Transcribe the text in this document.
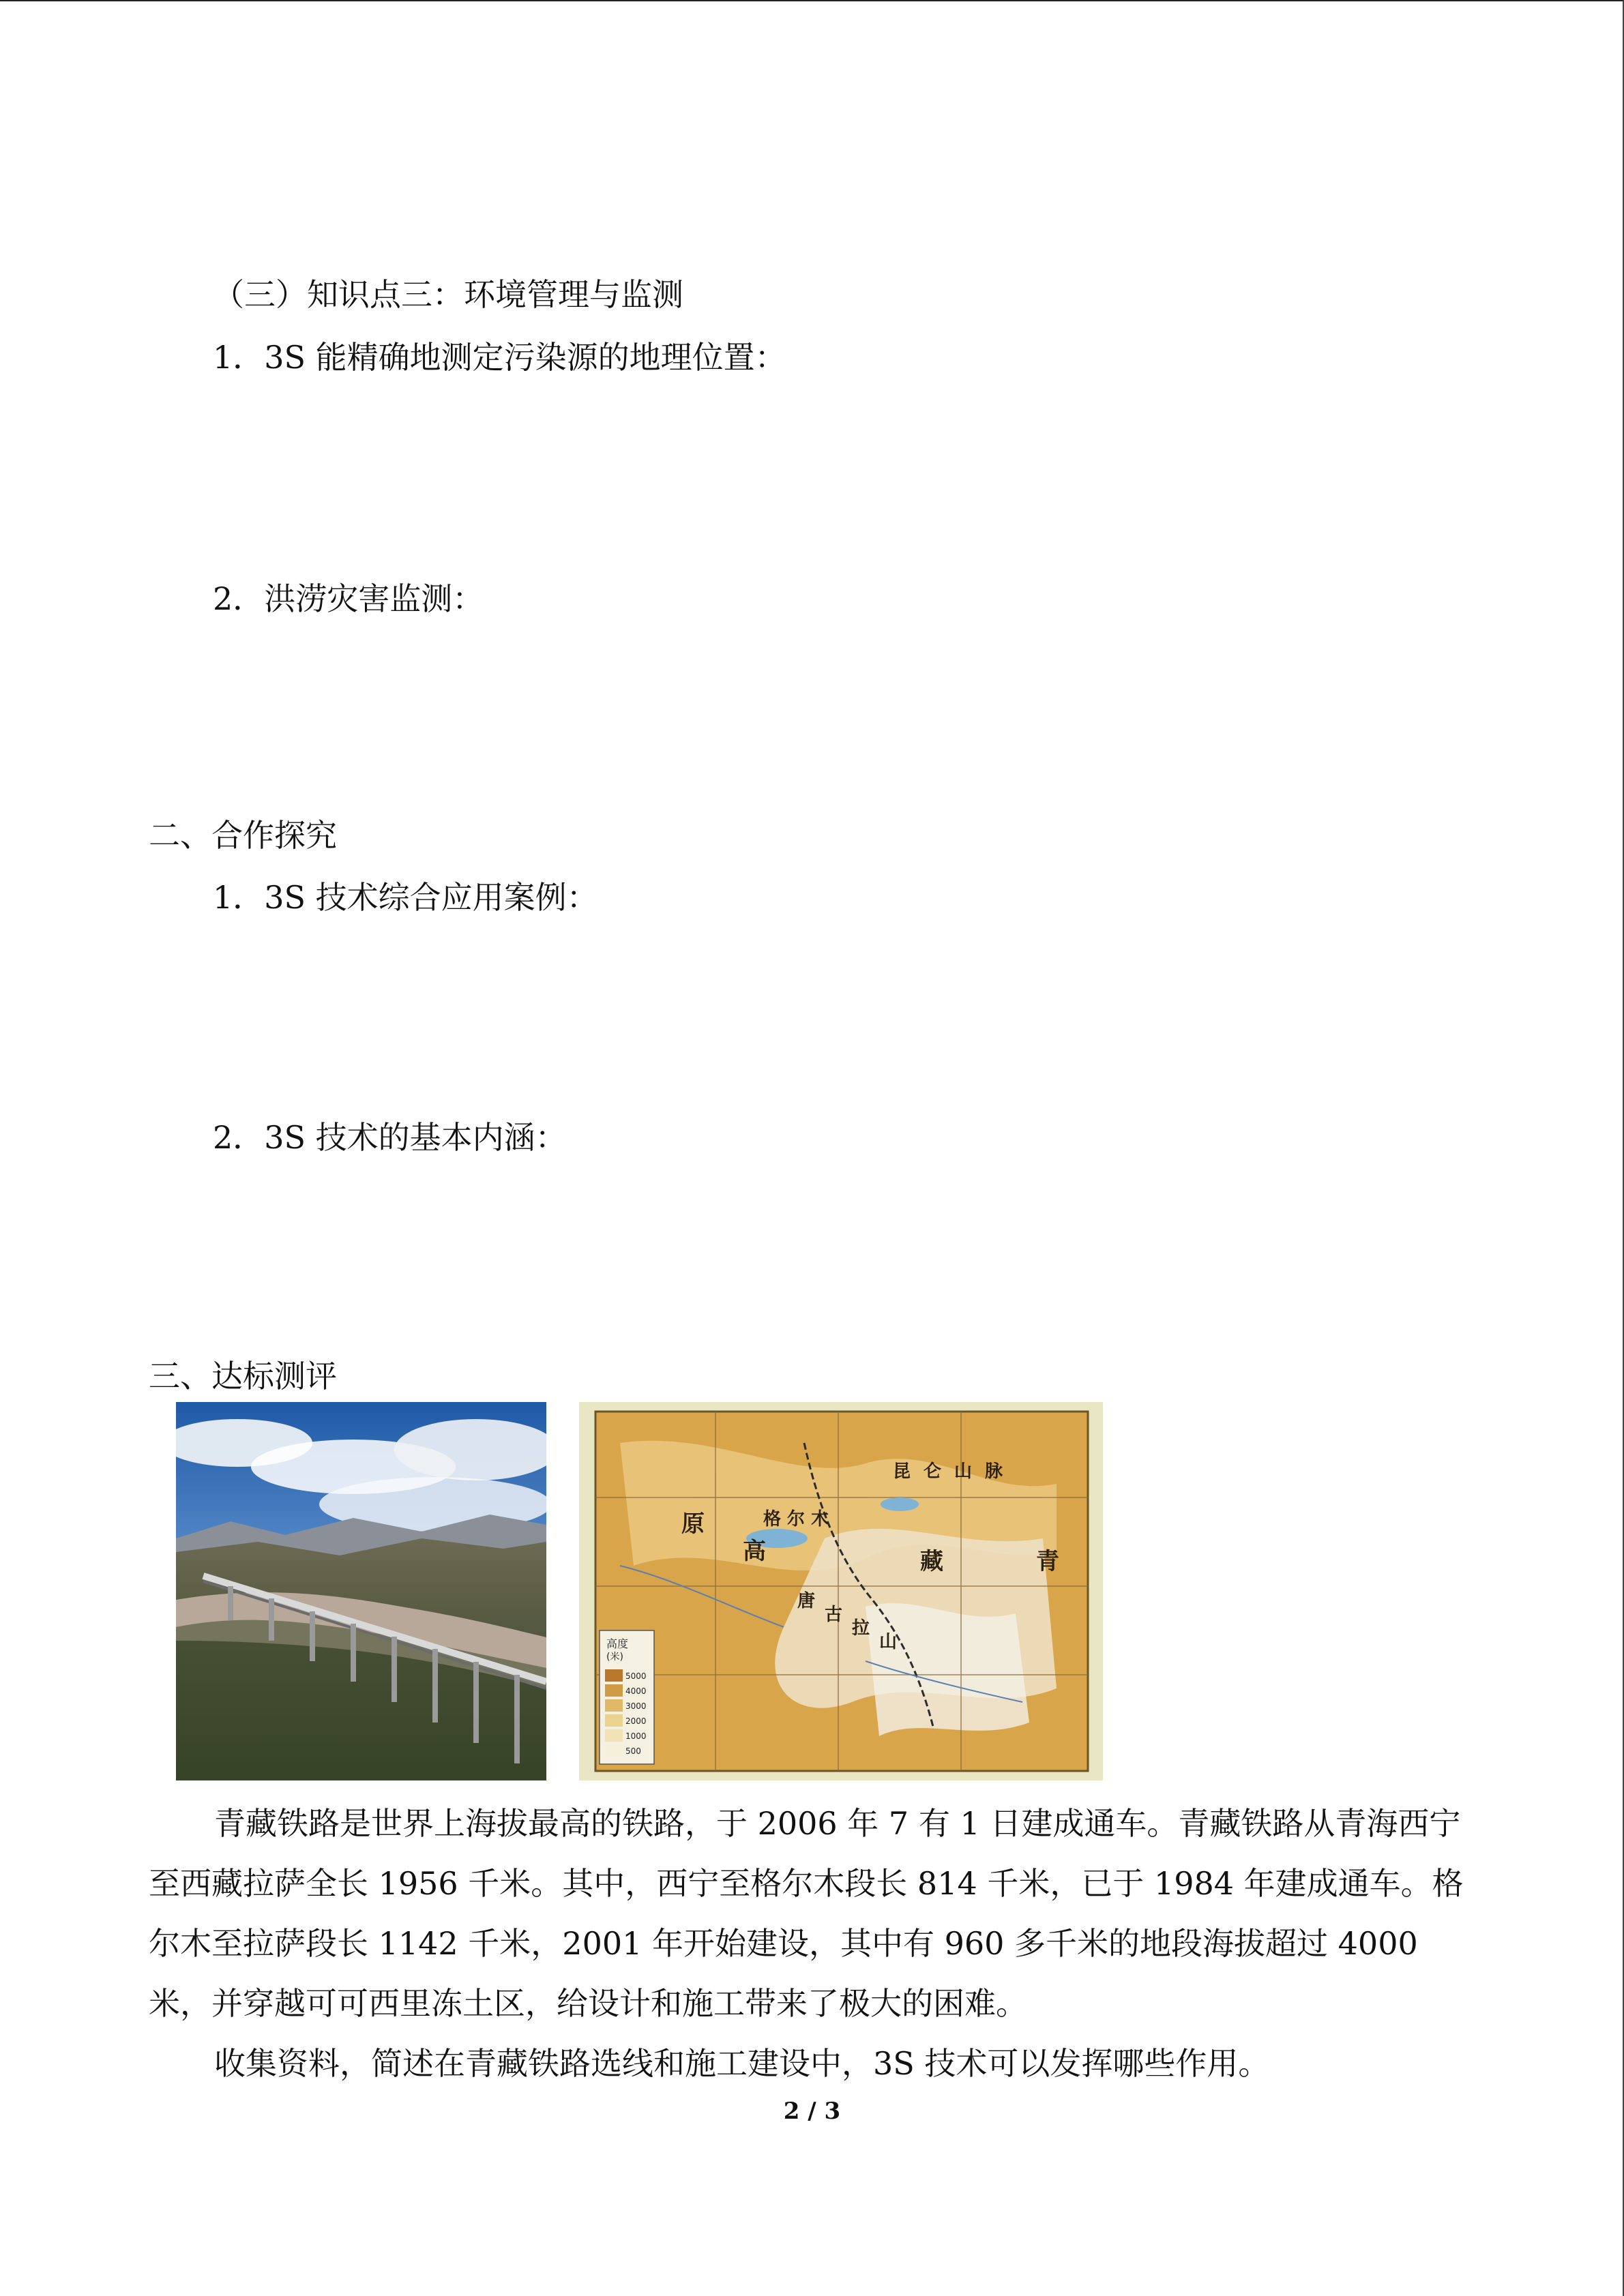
（三）知识点三：环境管理与监测
1．3S 能精确地测定污染源的地理位置：
2．洪涝灾害监测：
二、合作探究
1．3S 技术综合应用案例：
2．3S 技术的基本内涵：
三、达标测评
昆 仑 山 脉
唐
古
拉
山
青
藏
高
原	格 尔 木
高度
(米)
5000
4000
3000
2000
1000
500
青藏铁路是世界上海拔最高的铁路，于 2006 年 7 有 1 日建成通车。青藏铁路从青海西宁至西藏拉萨全长 1956 千米。其中，西宁至格尔木段长 814 千米，已于 1984 年建成通车。格尔木至拉萨段长 1142 千米，2001 年开始建设，其中有 960 多千米的地段海拔超过 4000 米，并穿越可可西里冻土区，给设计和施工带来了极大的困难。
收集资料，简述在青藏铁路选线和施工建设中，3S 技术可以发挥哪些作用。
2 / 3
